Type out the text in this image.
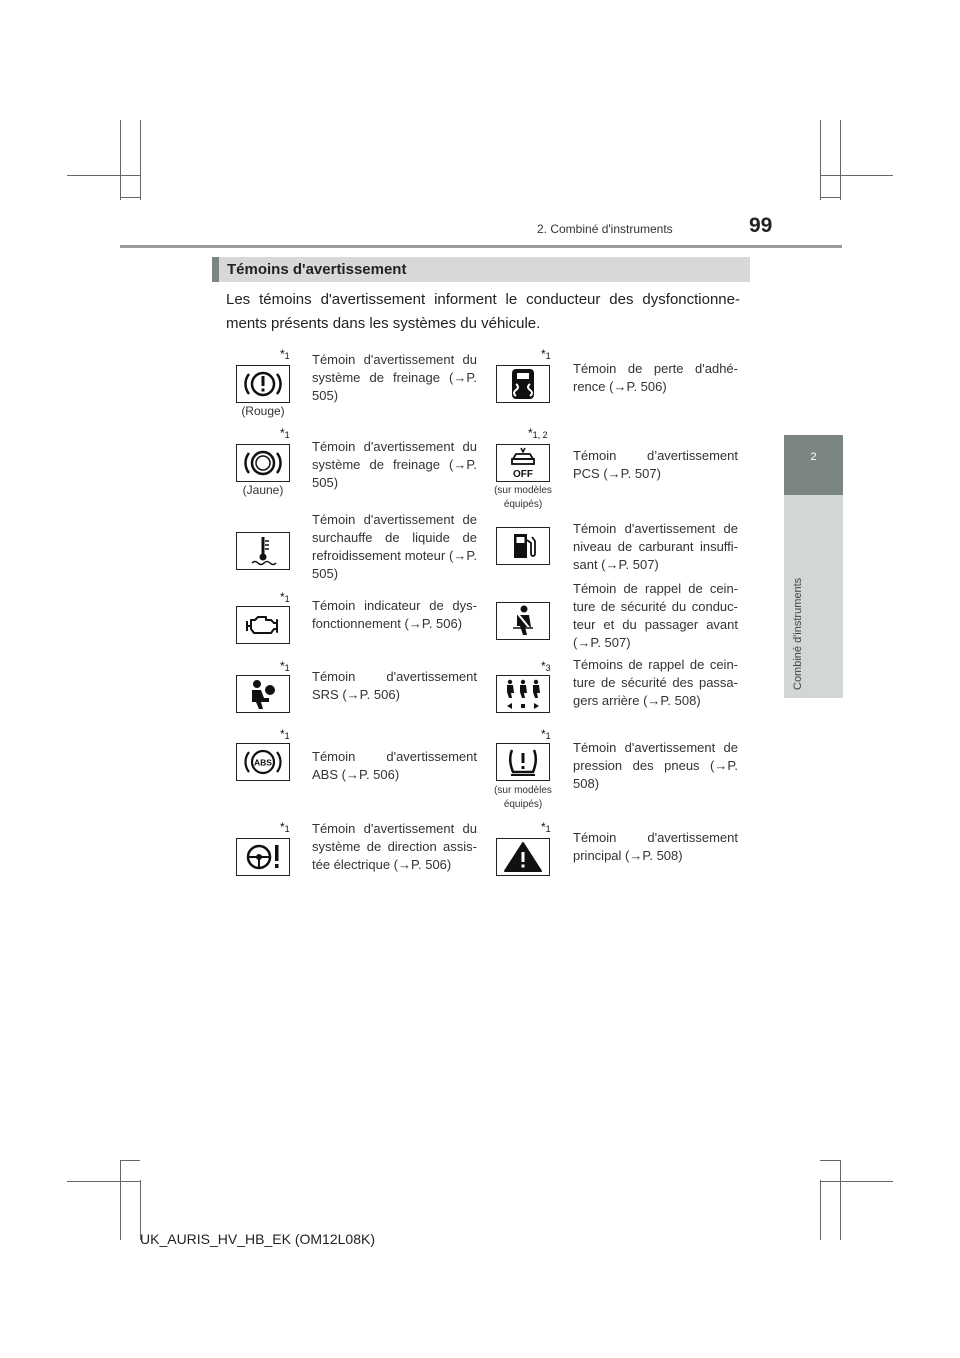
2. Combiné d'instruments	99
2
Combiné d'instruments
Témoins d'avertissement
Les témoins d'avertissement informent le conducteur des dysfonctionne-ments présents dans les systèmes du véhicule.
$*_1$
(Rouge)
Témoin d'avertissement du système de freinage (→P. 505)
$*_1$
Témoin de perte d'adhé-rence (→P. 506)
$*_1$
(Jaune)
Témoin d'avertissement du système de freinage (→P. 505)
$*_{1, 2}$
OFF
(sur modèles équipés)
Témoin d’avertissement PCS (→P. 507)
Témoin d'avertissement de surchauffe de liquide de refroidissement moteur (→P. 505)
Témoin d'avertissement de niveau de carburant insuffi-sant (→P. 507)
$*_1$ Témoin indicateur de dys-fonctionnement (→P. 506)
Témoin de rappel de cein-ture de sécurité du conduc-teur et du passager avant (→P. 507)
$*_1$
Témoin d'avertissement SRS (→P. 506)
$*_3$ Témoins de rappel de cein-ture de sécurité des passa-gers arrière (→P. 508)
$*_1$
ABS	Témoin d'avertissement ABS (→P. 506)
$*_1$
(sur modèles équipés)
Témoin d'avertissement de pression des pneus (→P. 508)
$*_1$ Témoin d'avertissement du système de direction assis-tée électrique (→P. 506)
$*_1$
Témoin d'avertissement principal (→P. 508)
UK_AURIS_HV_HB_EK (OM12L08K)
